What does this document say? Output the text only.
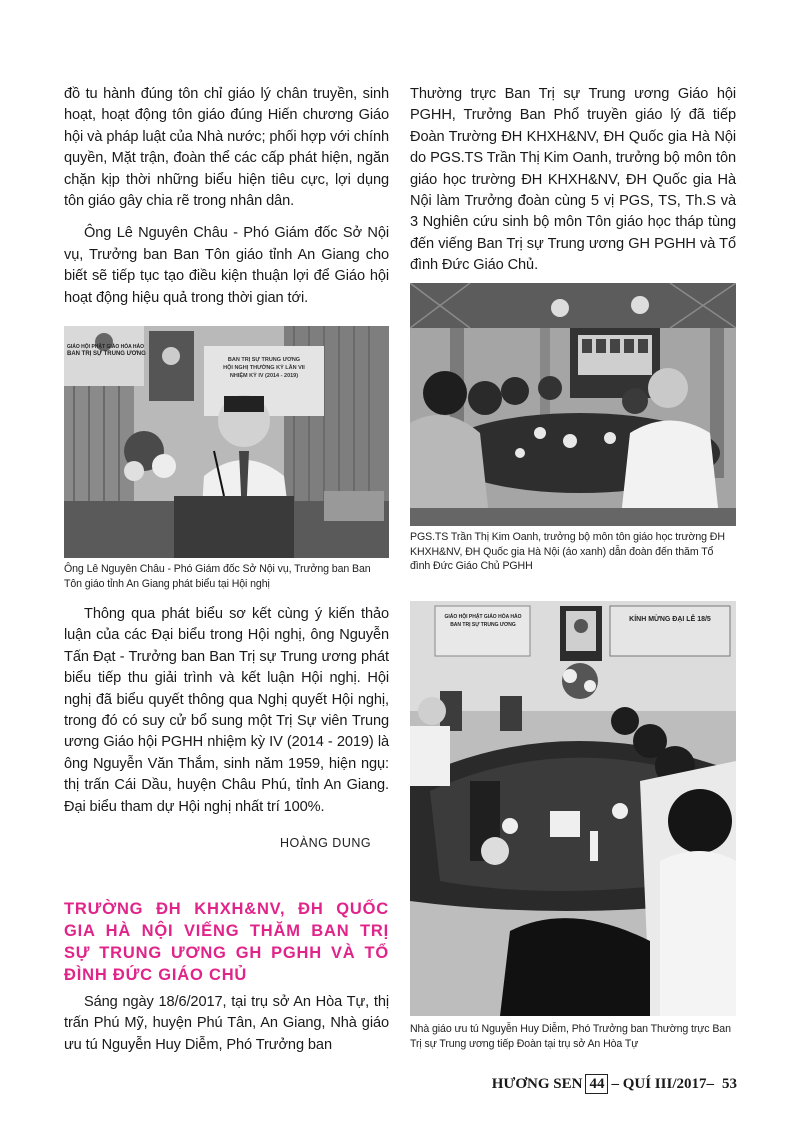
đồ tu hành đúng tôn chỉ giáo lý chân truyền, sinh hoạt, hoạt động tôn giáo đúng Hiến chương Giáo hội và pháp luật của Nhà nước; phối hợp với chính quyền, Mặt trận, đoàn thể các cấp phát hiện, ngăn chặn kịp thời những biểu hiện tiêu cực, lợi dụng tôn giáo gây chia rẽ trong nhân dân.

Ông Lê Nguyên Châu - Phó Giám đốc Sở Nội vụ, Trưởng ban Ban Tôn giáo tỉnh An Giang cho biết sẽ tiếp tục tạo điều kiện thuận lợi để Giáo hội hoạt động hiệu quả trong thời gian tới.

GIÁO HỘI PHẬT GIÁO HÒA HẢO
BAN TRỊ SỰ TRUNG ƯƠNG
BAN TRỊ SỰ TRUNG ƯƠNG
HỘI NGHỊ THƯỜNG KỲ LẦN VII
NHIỆM KỲ IV (2014 - 2019)
Ông Lê Nguyên Châu - Phó Giám đốc Sở Nội vụ, Trưởng ban Ban Tôn giáo tỉnh An Giang phát biểu tại Hội nghị

Thông qua phát biểu sơ kết cùng ý kiến thảo luận của các Đại biểu trong Hội nghị, ông Nguyễn Tấn Đạt - Trưởng ban Ban Trị sự Trung ương phát biểu tiếp thu giải trình và kết luận Hội nghị. Hội nghị đã biểu quyết thông qua Nghị quyết Hội nghị, trong đó có suy cử bổ sung một Trị Sự viên Trung ương Giáo hội PGHH nhiệm kỳ IV (2014 - 2019) là ông Nguyễn Văn Thắm, sinh năm 1959, hiện ngụ: thị trấn Cái Dầu, huyện Châu Phú, tỉnh An Giang. Đại biểu tham dự Hội nghị nhất trí 100%.

HOÀNG DUNG
TRƯỜNG ĐH KHXH&NV, ĐH QUỐC GIA HÀ NỘI VIẾNG THĂM BAN TRỊ SỰ TRUNG ƯƠNG GH PGHH VÀ TỔ ĐÌNH ĐỨC GIÁO CHỦ

Sáng ngày 18/6/2017, tại trụ sở An Hòa Tự, thị trấn Phú Mỹ, huyện Phú Tân, An Giang, Nhà giáo ưu tú Nguyễn Huy Diễm, Phó Trưởng ban

Thường trực Ban Trị sự Trung ương Giáo hội PGHH, Trưởng Ban Phổ truyền giáo lý đã tiếp Đoàn Trường ĐH KHXH&NV, ĐH Quốc gia Hà Nội do PGS.TS Trần Thị Kim Oanh, trưởng bộ môn tôn giáo học trường ĐH KHXH&NV, ĐH Quốc gia Hà Nội làm Trưởng đoàn cùng 5 vị PGS, TS, Th.S và 3 Nghiên cứu sinh bộ môn Tôn giáo học tháp tùng đến viếng Ban Trị sự Trung ương GH PGHH và Tổ đình Đức Giáo Chủ.

PGS.TS Trần Thị Kim Oanh, trưởng bộ môn tôn giáo học trường ĐH KHXH&NV, ĐH Quốc gia Hà Nội (áo xanh) dẫn đoàn đến thăm Tổ đình Đức Giáo Chủ PGHH
GIÁO HỘI PHẬT GIÁO HÒA HẢO
BAN TRỊ SỰ TRUNG ƯƠNG
KÍNH MỪNG ĐẠI LỄ 18/5
Nhà giáo ưu tú Nguyễn Huy Diễm, Phó Trưởng ban Thường trực Ban Trị sự Trung ương tiếp Đoàn tại trụ sở An Hòa Tự
HƯƠNG SEN 44 – QUÍ III/2017– 53
